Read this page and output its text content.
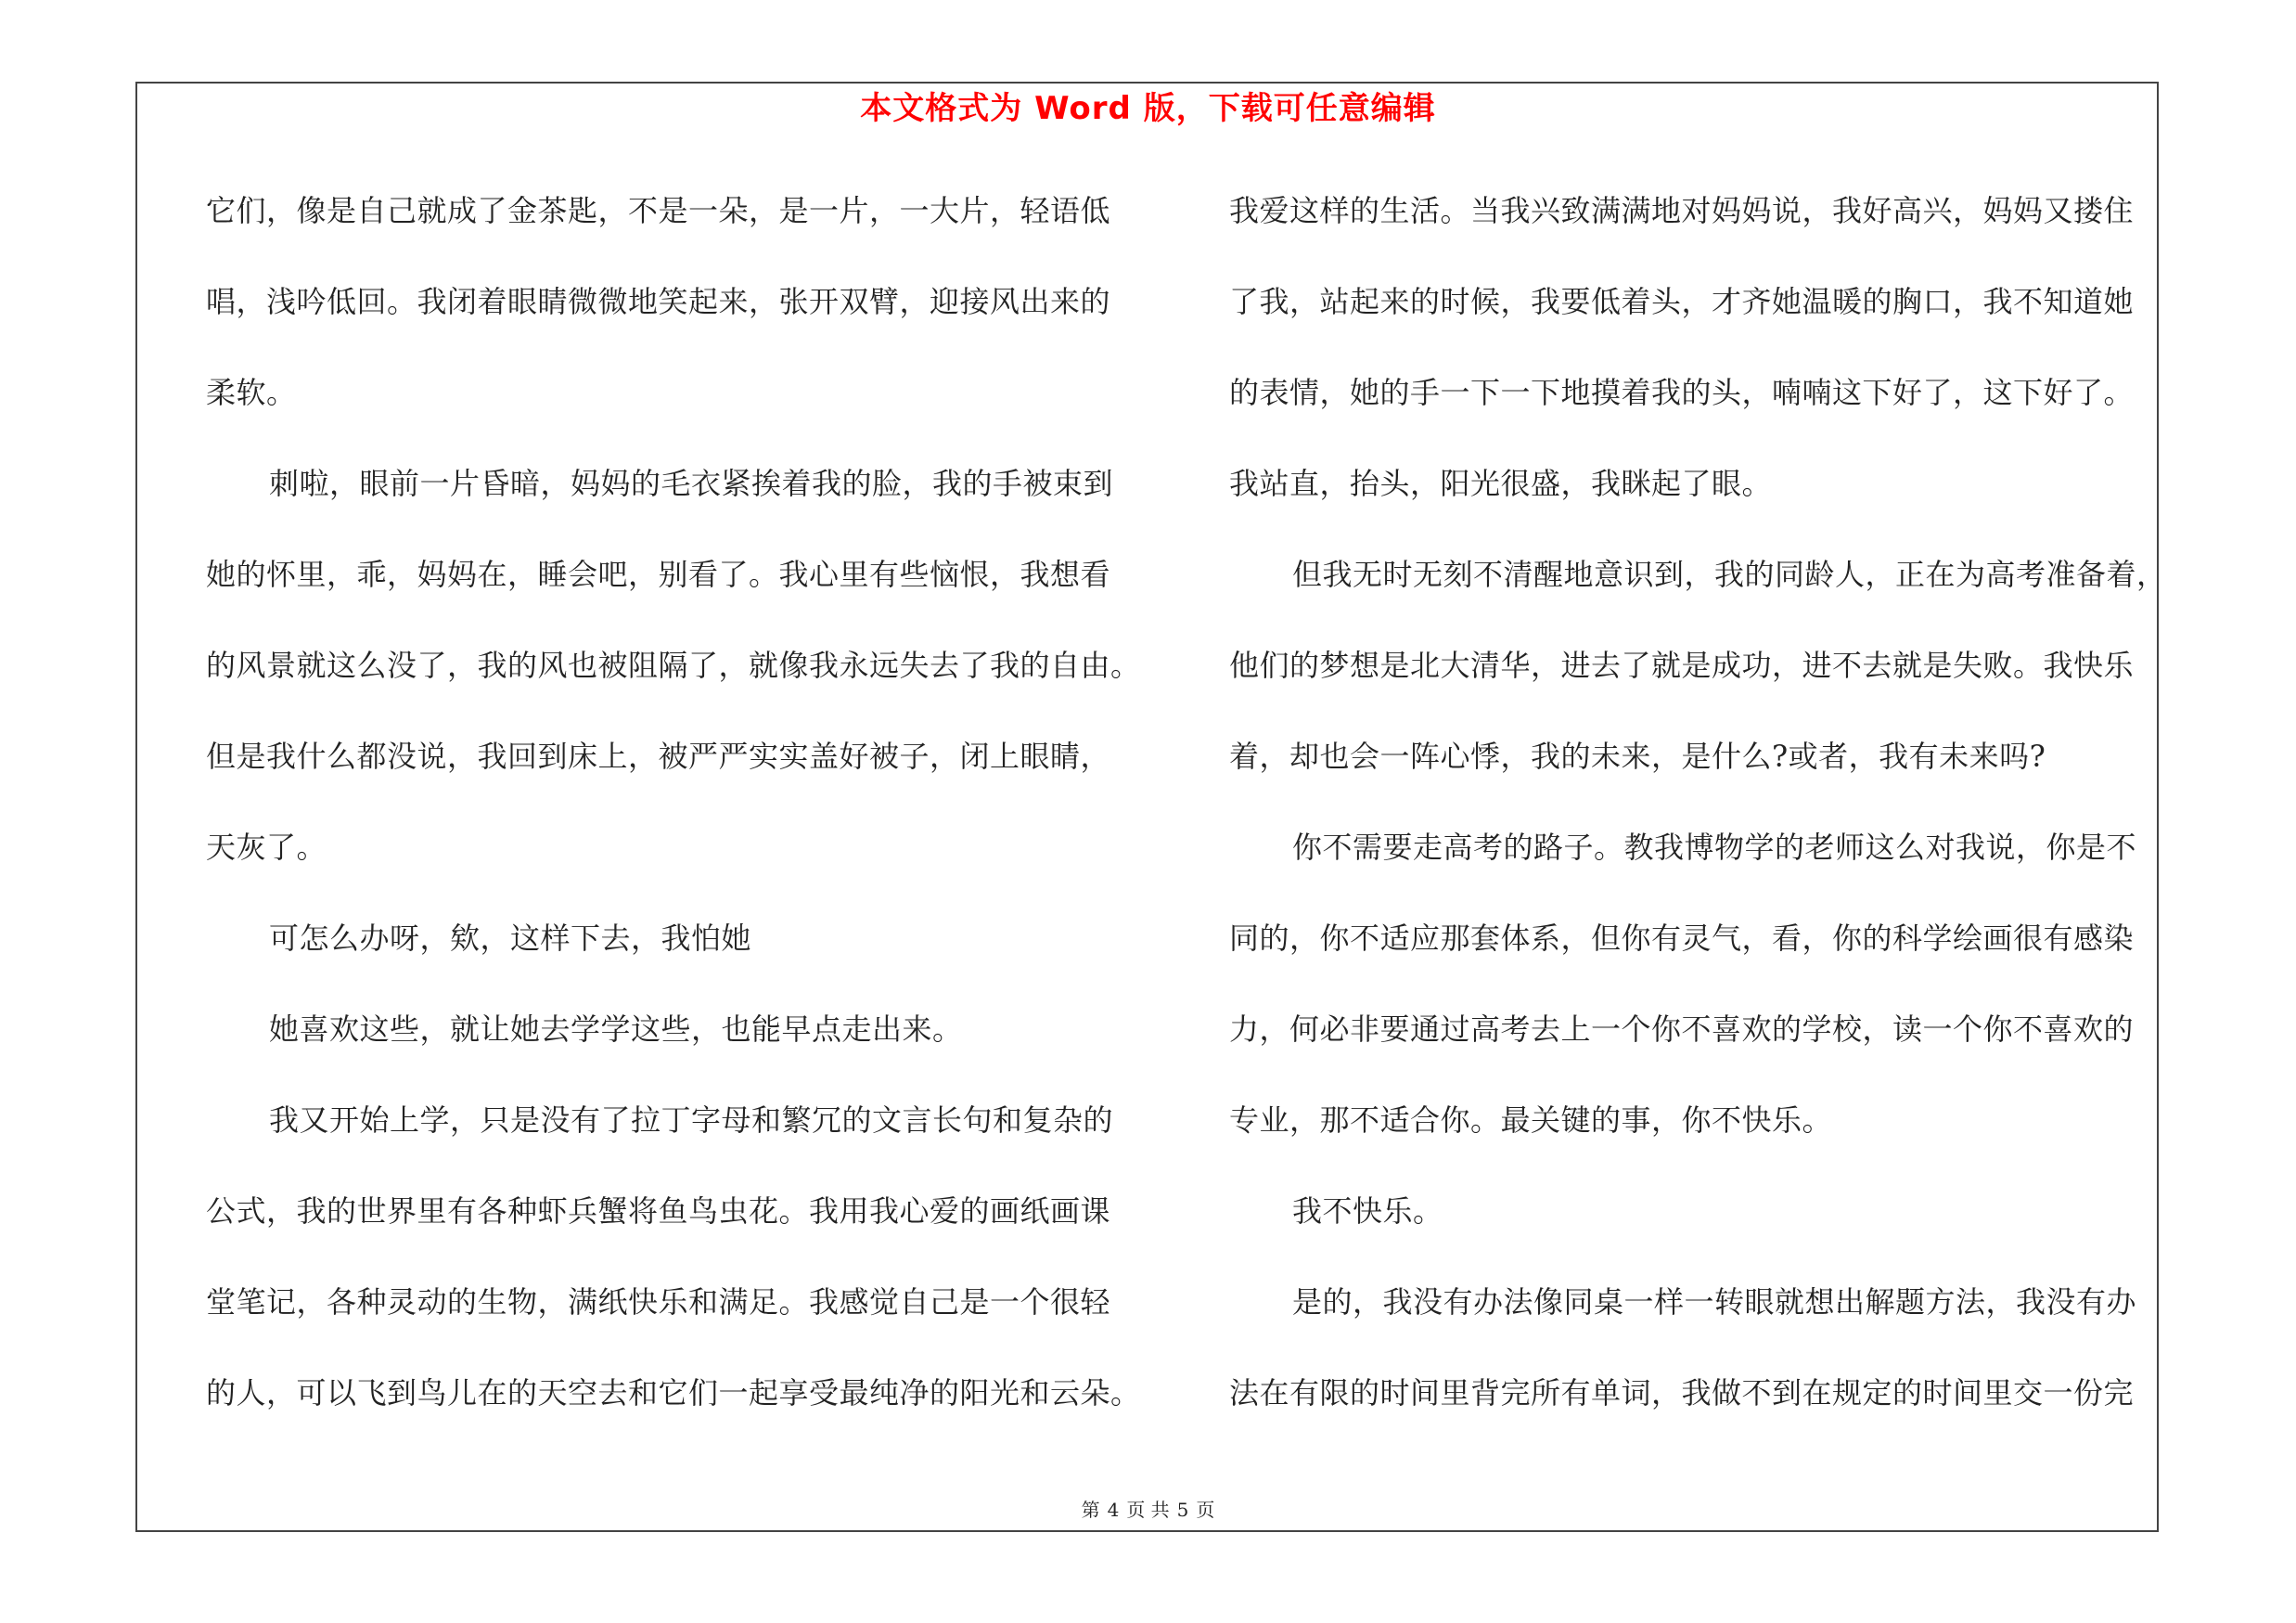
本文格式为 Word 版，下载可任意编辑
它们，像是自己就成了金茶匙，不是一朵，是一片，一大片，轻语低
唱，浅吟低回。我闭着眼睛微微地笑起来，张开双臂，迎接风出来的
柔软。
刺啦，眼前一片昏暗，妈妈的毛衣紧挨着我的脸，我的手被束到
她的怀里，乖，妈妈在，睡会吧，别看了。我心里有些恼恨，我想看
的风景就这么没了，我的风也被阻隔了，就像我永远失去了我的自由。
但是我什么都没说，我回到床上，被严严实实盖好被子，闭上眼睛，
天灰了。
可怎么办呀，欸，这样下去，我怕她
她喜欢这些，就让她去学学这些，也能早点走出来。
我又开始上学，只是没有了拉丁字母和繁冗的文言长句和复杂的
公式，我的世界里有各种虾兵蟹将鱼鸟虫花。我用我心爱的画纸画课
堂笔记，各种灵动的生物，满纸快乐和满足。我感觉自己是一个很轻
的人，可以飞到鸟儿在的天空去和它们一起享受最纯净的阳光和云朵。
我爱这样的生活。当我兴致满满地对妈妈说，我好高兴，妈妈又搂住
了我，站起来的时候，我要低着头，才齐她温暖的胸口，我不知道她
的表情，她的手一下一下地摸着我的头，喃喃这下好了，这下好了。
我站直，抬头，阳光很盛，我眯起了眼。
但我无时无刻不清醒地意识到，我的同龄人，正在为高考准备着，
他们的梦想是北大清华，进去了就是成功，进不去就是失败。我快乐
着，却也会一阵心悸，我的未来，是什么?或者，我有未来吗?
你不需要走高考的路子。教我博物学的老师这么对我说，你是不
同的，你不适应那套体系，但你有灵气，看，你的科学绘画很有感染
力，何必非要通过高考去上一个你不喜欢的学校，读一个你不喜欢的
专业，那不适合你。最关键的事，你不快乐。
我不快乐。
是的，我没有办法像同桌一样一转眼就想出解题方法，我没有办
法在有限的时间里背完所有单词，我做不到在规定的时间里交一份完
第 4 页 共 5 页
